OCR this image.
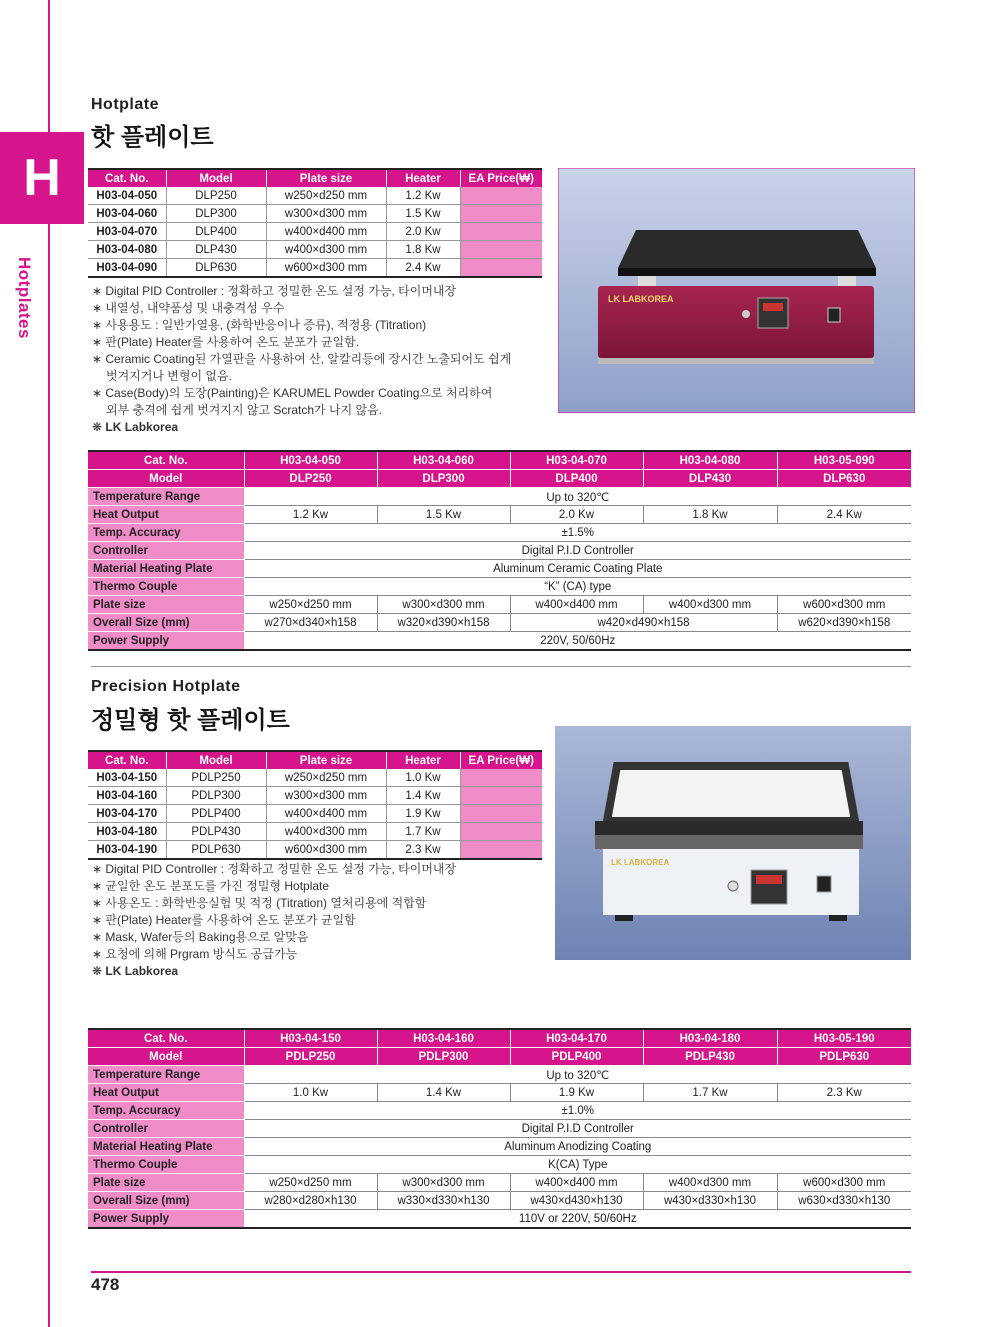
H
Hotplates
Hotplate
핫 플레이트
Cat. No.	Model	Plate size	Heater	EA Price(₩)
H03-04-050	DLP250	w250×d250 mm	1.2 Kw	
H03-04-060	DLP300	w300×d300 mm	1.5 Kw	
H03-04-070	DLP400	w400×d400 mm	2.0 Kw	
H03-04-080	DLP430	w400×d300 mm	1.8 Kw	
H03-04-090	DLP630	w600×d300 mm	2.4 Kw	
∗ Digital PID Controller : 정확하고 정밀한 온도 설정 가능, 타이머내장
∗ 내열성, 내약품성 및 내충격성 우수
∗ 사용용도 : 일반가열용, (화학반응이나 증류), 적정용 (Titration)
∗ 판(Plate) Heater를 사용하여 온도 분포가 균일함.
∗ Ceramic Coating된 가열판을 사용하여 산, 알칼리등에 장시간 노출되어도 쉽게
벗겨지거나 변형이 없음.
∗ Case(Body)의 도장(Painting)은 KARUMEL Powder Coating으로 처리하여
외부 충격에 쉽게 벗겨지지 않고 Scratch가 나지 않음.
❋ LK Labkorea
LK LABKOREA
Cat. No.	H03-04-050	H03-04-060	H03-04-070	H03-04-080	H03-05-090
Model	DLP250	DLP300	DLP400	DLP430	DLP630
Temperature Range	Up to 320℃				
Heat Output	1.2 Kw	1.5 Kw	2.0 Kw	1.8 Kw	2.4 Kw
Temp. Accuracy	±1.5%				
Controller	Digital P.I.D Controller				
Material Heating Plate	Aluminum Ceramic Coating Plate				
Thermo Couple	“K” (CA) type				
Plate size	w250×d250 mm	w300×d300 mm	w400×d400 mm	w400×d300 mm	w600×d300 mm
Overall Size (mm)	w270×d340×h158	w320×d390×h158	w420×d490×h158		w620×d390×h158
Power Supply	220V, 50/60Hz				
Precision Hotplate
정밀형 핫 플레이트
Cat. No.	Model	Plate size	Heater	EA Price(₩)
H03-04-150	PDLP250	w250×d250 mm	1.0 Kw	
H03-04-160	PDLP300	w300×d300 mm	1.4 Kw	
H03-04-170	PDLP400	w400×d400 mm	1.9 Kw	
H03-04-180	PDLP430	w400×d300 mm	1.7 Kw	
H03-04-190	PDLP630	w600×d300 mm	2.3 Kw	
∗ Digital PID Controller : 정확하고 정밀한 온도 설정 가능, 타이머내장
∗ 균일한 온도 분포도를 가진 정밀형 Hotplate
∗ 사용온도 : 화학반응실험 및 적정 (Titration) 열처리용에 적합함
∗ 판(Plate) Heater를 사용하여 온도 분포가 균일함
∗ Mask, Wafer등의 Baking용으로 알맞음
∗ 요청에 의해 Prgram 방식도 공급가능
❋ LK Labkorea
LK LABKOREA
Cat. No.	H03-04-150	H03-04-160	H03-04-170	H03-04-180	H03-05-190
Model	PDLP250	PDLP300	PDLP400	PDLP430	PDLP630
Temperature Range	Up to 320℃				
Heat Output	1.0 Kw	1.4 Kw	1.9 Kw	1.7 Kw	2.3 Kw
Temp. Accuracy	±1.0%				
Controller	Digital P.I.D Controller				
Material Heating Plate	Aluminum Anodizing Coating				
Thermo Couple	K(CA) Type				
Plate size	w250×d250 mm	w300×d300 mm	w400×d400 mm	w400×d300 mm	w600×d300 mm
Overall Size (mm)	w280×d280×h130	w330×d330×h130	w430×d430×h130	w430×d330×h130	w630×d330×h130
Power Supply	110V or 220V, 50/60Hz				
478
